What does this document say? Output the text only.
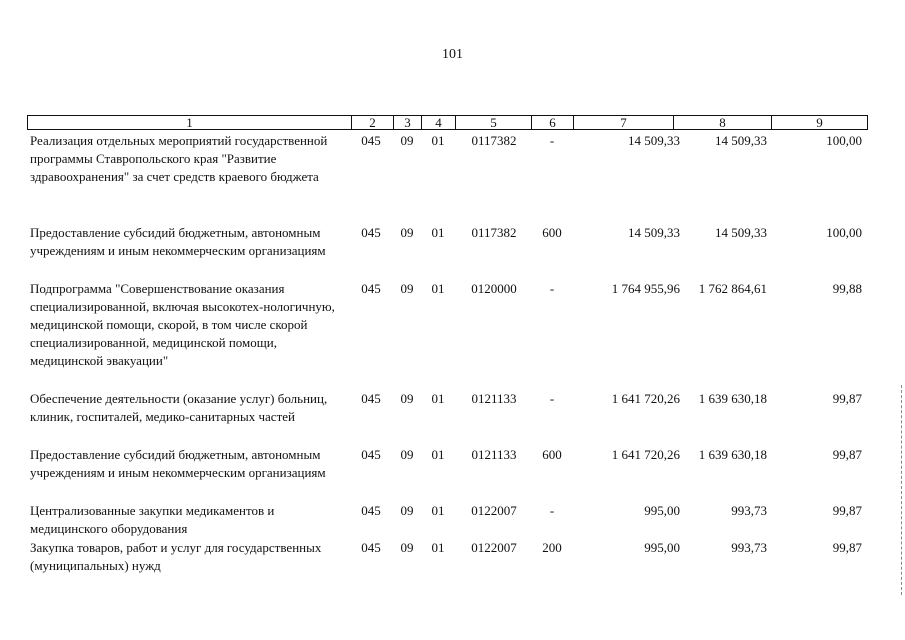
101
1	2	3	4	5	6	7	8	9
Реализация отдельных мероприятий государственной программы Ставропольского края "Развитие здравоохранения" за счет средств краевого бюджета
045 09 01	0117382	-	14 509,33	14 509,33	100,00
Предоставление субсидий бюджетным, автономным учреждениям и иным некоммерческим организациям
045 09 01	0117382	600	14 509,33	14 509,33	100,00
Подпрограмма "Совершенствование оказания специализированной, включая высокотех-нологичную, медицинской помощи, скорой, в том числе скорой специализированной, медицинской помощи, медицинской эвакуации"
045 09 01	0120000	-	1 764 955,96	1 762 864,61	99,88
Обеспечение деятельности (оказание услуг) больниц, клиник, госпиталей, медико-санитарных частей
045 09 01	0121133	-	1 641 720,26	1 639 630,18	99,87
Предоставление субсидий бюджетным, автономным учреждениям и иным некоммерческим организациям
045 09 01	0121133	600	1 641 720,26	1 639 630,18	99,87
Централизованные закупки медикаментов и медицинского оборудования
045 09 01	0122007	-	995,00	993,73	99,87
Закупка товаров, работ и услуг для государственных (муниципальных) нужд
045 09 01	0122007	200	995,00	993,73	99,87
